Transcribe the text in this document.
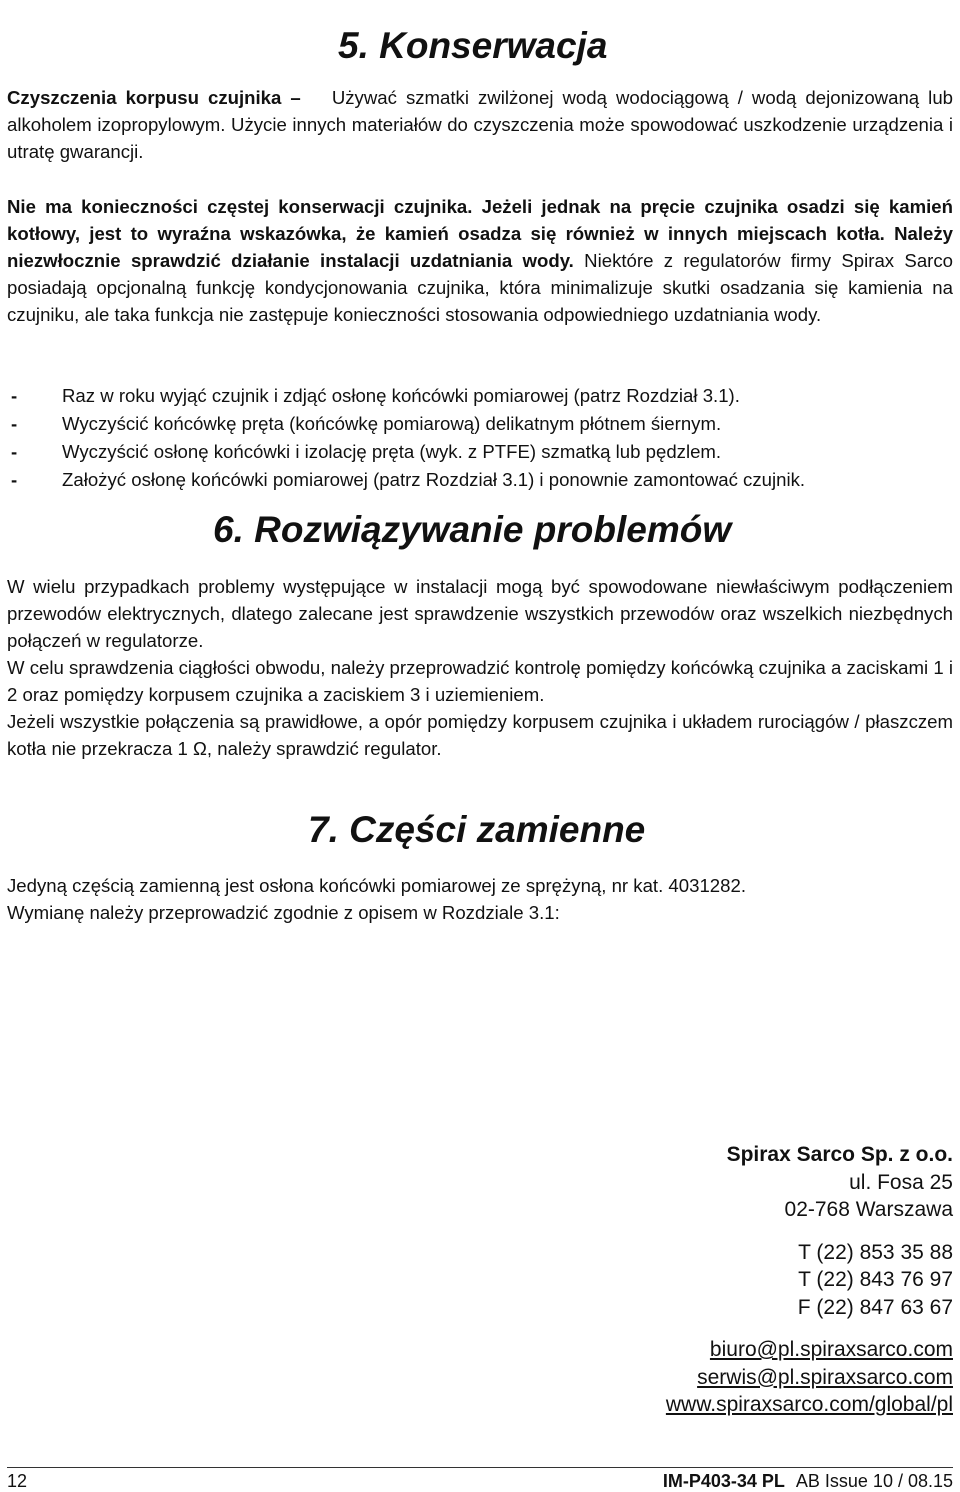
5. Konserwacja

Czyszczenia korpusu czujnika – Używać szmatki zwilżonej wodą wodociągową / wodą dejonizowaną lub alkoholem izopropylowym. Użycie innych materiałów do czyszczenia może spowodować uszkodzenie urządzenia i utratę gwarancji.

Nie ma konieczności częstej konserwacji czujnika. Jeżeli jednak na pręcie czujnika osadzi się kamień kotłowy, jest to wyraźna wskazówka, że kamień osadza się również w innych miejscach kotła. Należy niezwłocznie sprawdzić działanie instalacji uzdatniania wody. Niektóre z regulatorów firmy Spirax Sarco posiadają opcjonalną funkcję kondycjonowania czujnika, która minimalizuje skutki osadzania się kamienia na czujniku, ale taka funkcja nie zastępuje konieczności stosowania odpowiedniego uzdatniania wody.

- Raz w roku wyjąć czujnik i zdjąć osłonę końcówki pomiarowej (patrz Rozdział 3.1).
- Wyczyścić końcówkę pręta (końcówkę pomiarową) delikatnym płótnem śiernym.
- Wyczyścić osłonę końcówki i izolację pręta (wyk. z PTFE) szmatką lub pędzlem.
- Założyć osłonę końcówki pomiarowej (patrz Rozdział 3.1) i ponownie zamontować czujnik.
6. Rozwiązywanie problemów

W wielu przypadkach problemy występujące w instalacji mogą być spowodowane niewłaściwym podłączeniem przewodów elektrycznych, dlatego zalecane jest sprawdzenie wszystkich przewodów oraz wszelkich niezbędnych połączeń w regulatorze.

W celu sprawdzenia ciągłości obwodu, należy przeprowadzić kontrolę pomiędzy końcówką czujnika a zaciskami 1 i 2 oraz pomiędzy korpusem czujnika a zaciskiem 3 i uziemieniem.

Jeżeli wszystkie połączenia są prawidłowe, a opór pomiędzy korpusem czujnika i układem rurociągów / płaszczem kotła nie przekracza 1 Ω, należy sprawdzić regulator.

7. Części zamienne

Jedyną częścią zamienną jest osłona końcówki pomiarowej ze sprężyną, nr kat. 4031282.

Wymianę należy przeprowadzić zgodnie z opisem w Rozdziale 3.1:

Spirax Sarco Sp. z o.o.

ul. Fosa 25

02-768 Warszawa

T (22) 853 35 88

T (22) 843 76 97

F (22) 847 63 67

biuro@pl.spiraxsarco.com

serwis@pl.spiraxsarco.com

www.spiraxsarco.com/global/pl

12	IM-P403-34 PL AB Issue 10 / 08.15
